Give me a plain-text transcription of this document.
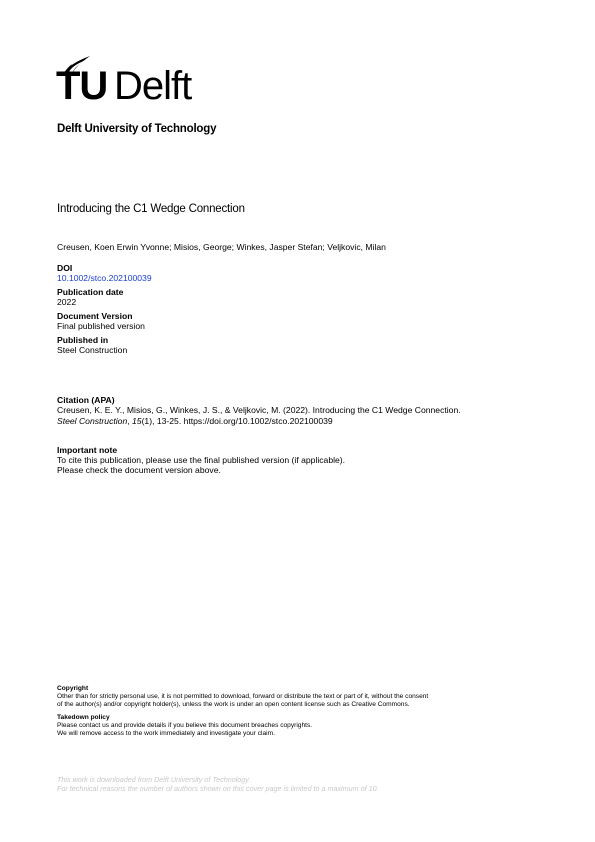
TU Delft
Delft University of Technology
Introducing the C1 Wedge Connection
Creusen, Koen Erwin Yvonne; Misios, George; Winkes, Jasper Stefan; Veljkovic, Milan
DOI
10.1002/stco.202100039
Publication date
2022
Document Version
Final published version
Published in
Steel Construction
Citation (APA)
Creusen, K. E. Y., Misios, G., Winkes, J. S., & Veljkovic, M. (2022). Introducing the C1 Wedge Connection.
Steel Construction, 15(1), 13-25. https://doi.org/10.1002/stco.202100039
Important note
To cite this publication, please use the final published version (if applicable).
Please check the document version above.
Copyright
Other than for strictly personal use, it is not permitted to download, forward or distribute the text or part of it, without the consent
of the author(s) and/or copyright holder(s), unless the work is under an open content license such as Creative Commons.
Takedown policy
Please contact us and provide details if you believe this document breaches copyrights.
We will remove access to the work immediately and investigate your claim.
This work is downloaded from Delft University of Technology.
For technical reasons the number of authors shown on this cover page is limited to a maximum of 10.
